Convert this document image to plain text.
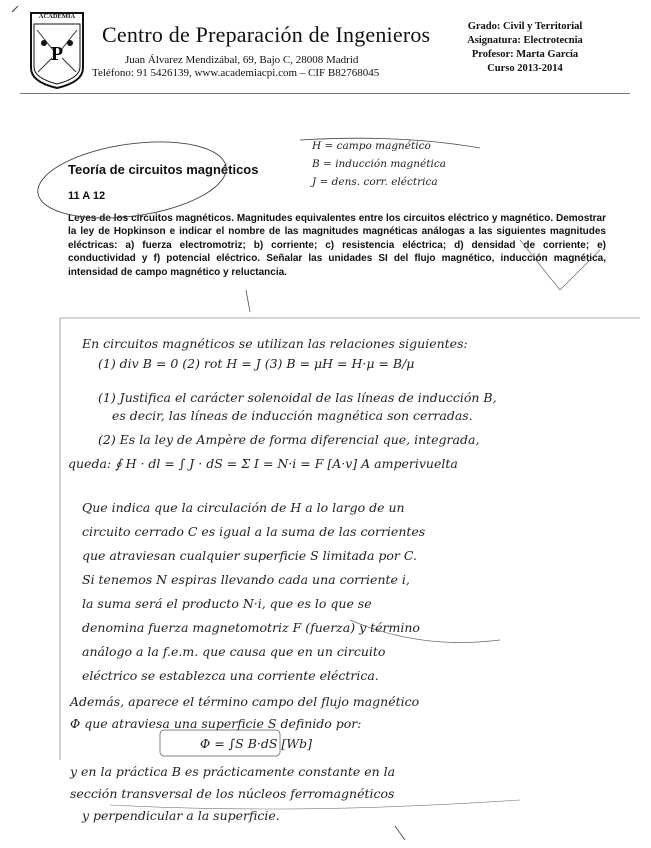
P
ACADEMIA
Centro de Preparación de Ingenieros
Juan Álvarez Mendizábal, 69, Bajo C, 28008 Madrid
Teléfono: 91 5426139, www.academiacpi.com – CIF B82768045
Grado: Civil y Territorial
Asignatura: Electrotecnia
Profesor: Marta García
Curso 2013-2014
Teoría de circuitos magnéticos
11 A 12
Leyes de los circuitos magnéticos. Magnitudes equivalentes entre los circuitos eléctrico y magnético. Demostrar la ley de Hopkinson e indicar el nombre de las magnitudes magnéticas análogas a las siguientes magnitudes eléctricas: a) fuerza electromotriz; b) corriente; c) resistencia eléctrica; d) densidad de corriente; e) conductividad y f) potencial eléctrico. Señalar las unidades SI del flujo magnético, inducción magnética, intensidad de campo magnético y reluctancia.
H = campo magnético
B = inducción magnética
J = dens. corr. eléctrica
En circuitos magnéticos se utilizan las relaciones siguientes:
(1) div B = 0 (2) rot H = J (3) B = μH = H·μ = B/μ
(1) Justifica el carácter solenoidal de las líneas de inducción B,
es decir, las líneas de inducción magnética son cerradas.
(2) Es la ley de Ampère de forma diferencial que, integrada,
queda: ∮ H · dl = ∫ J · dS = Σ I = N·i = F [A·v] A amperivuelta
Que indica que la circulación de H a lo largo de un
circuito cerrado C es igual a la suma de las corrientes
que atraviesan cualquier superficie S limitada por C.
Si tenemos N espiras llevando cada una corriente i,
la suma será el producto N·i, que es lo que se
denomina fuerza magnetomotriz F (fuerza) y término
análogo a la f.e.m. que causa que en un circuito
eléctrico se establezca una corriente eléctrica.
Además, aparece el término campo del flujo magnético
Φ que atraviesa una superficie S definido por:
Φ = ∫S B·dS [Wb]
y en la práctica B es prácticamente constante en la
sección transversal de los núcleos ferromagnéticos
y perpendicular a la superficie.
